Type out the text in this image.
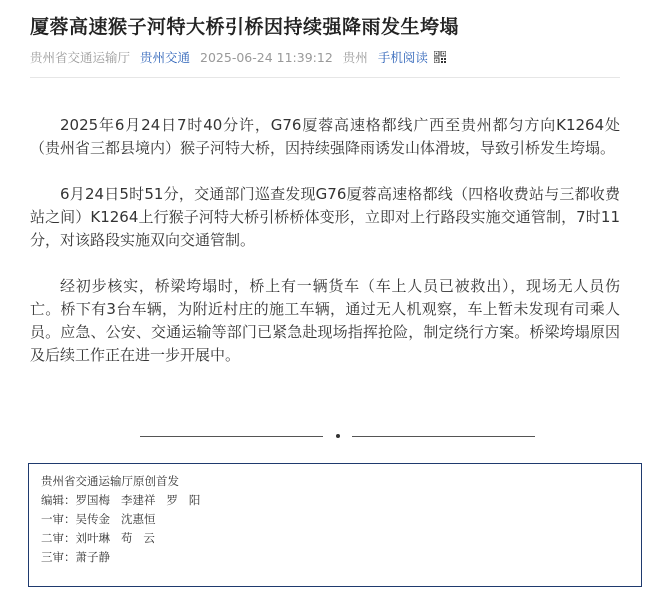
厦蓉高速猴子河特大桥引桥因持续强降雨发生垮塌
贵州省交通运输厅 贵州交通 2025-06-24 11:39:12 贵州 手机阅读

2025年6月24日7时40分许，G76厦蓉高速格都线广西至贵州都匀方向K1264处（贵州省三都县境内）猴子河特大桥，因持续强降雨诱发山体滑坡，导致引桥发生垮塌。

6月24日5时51分，交通部门巡查发现G76厦蓉高速格都线（四格收费站与三都收费站之间）K1264上行猴子河特大桥引桥桥体变形，立即对上行路段实施交通管制，7时11分，对该路段实施双向交通管制。

经初步核实，桥梁垮塌时，桥上有一辆货车（车上人员已被救出），现场无人员伤亡。桥下有3台车辆，为附近村庄的施工车辆，通过无人机观察，车上暂未发现有司乘人员。应急、公安、交通运输等部门已紧急赴现场指挥抢险，制定绕行方案。桥梁垮塌原因及后续工作正在进一步开展中。

贵州省交通运输厅原创首发
编辑：罗国梅   李建祥   罗   阳
一审：吴传金   沈惠恒
二审：刘叶琳   苟   云
三审：萧子静
